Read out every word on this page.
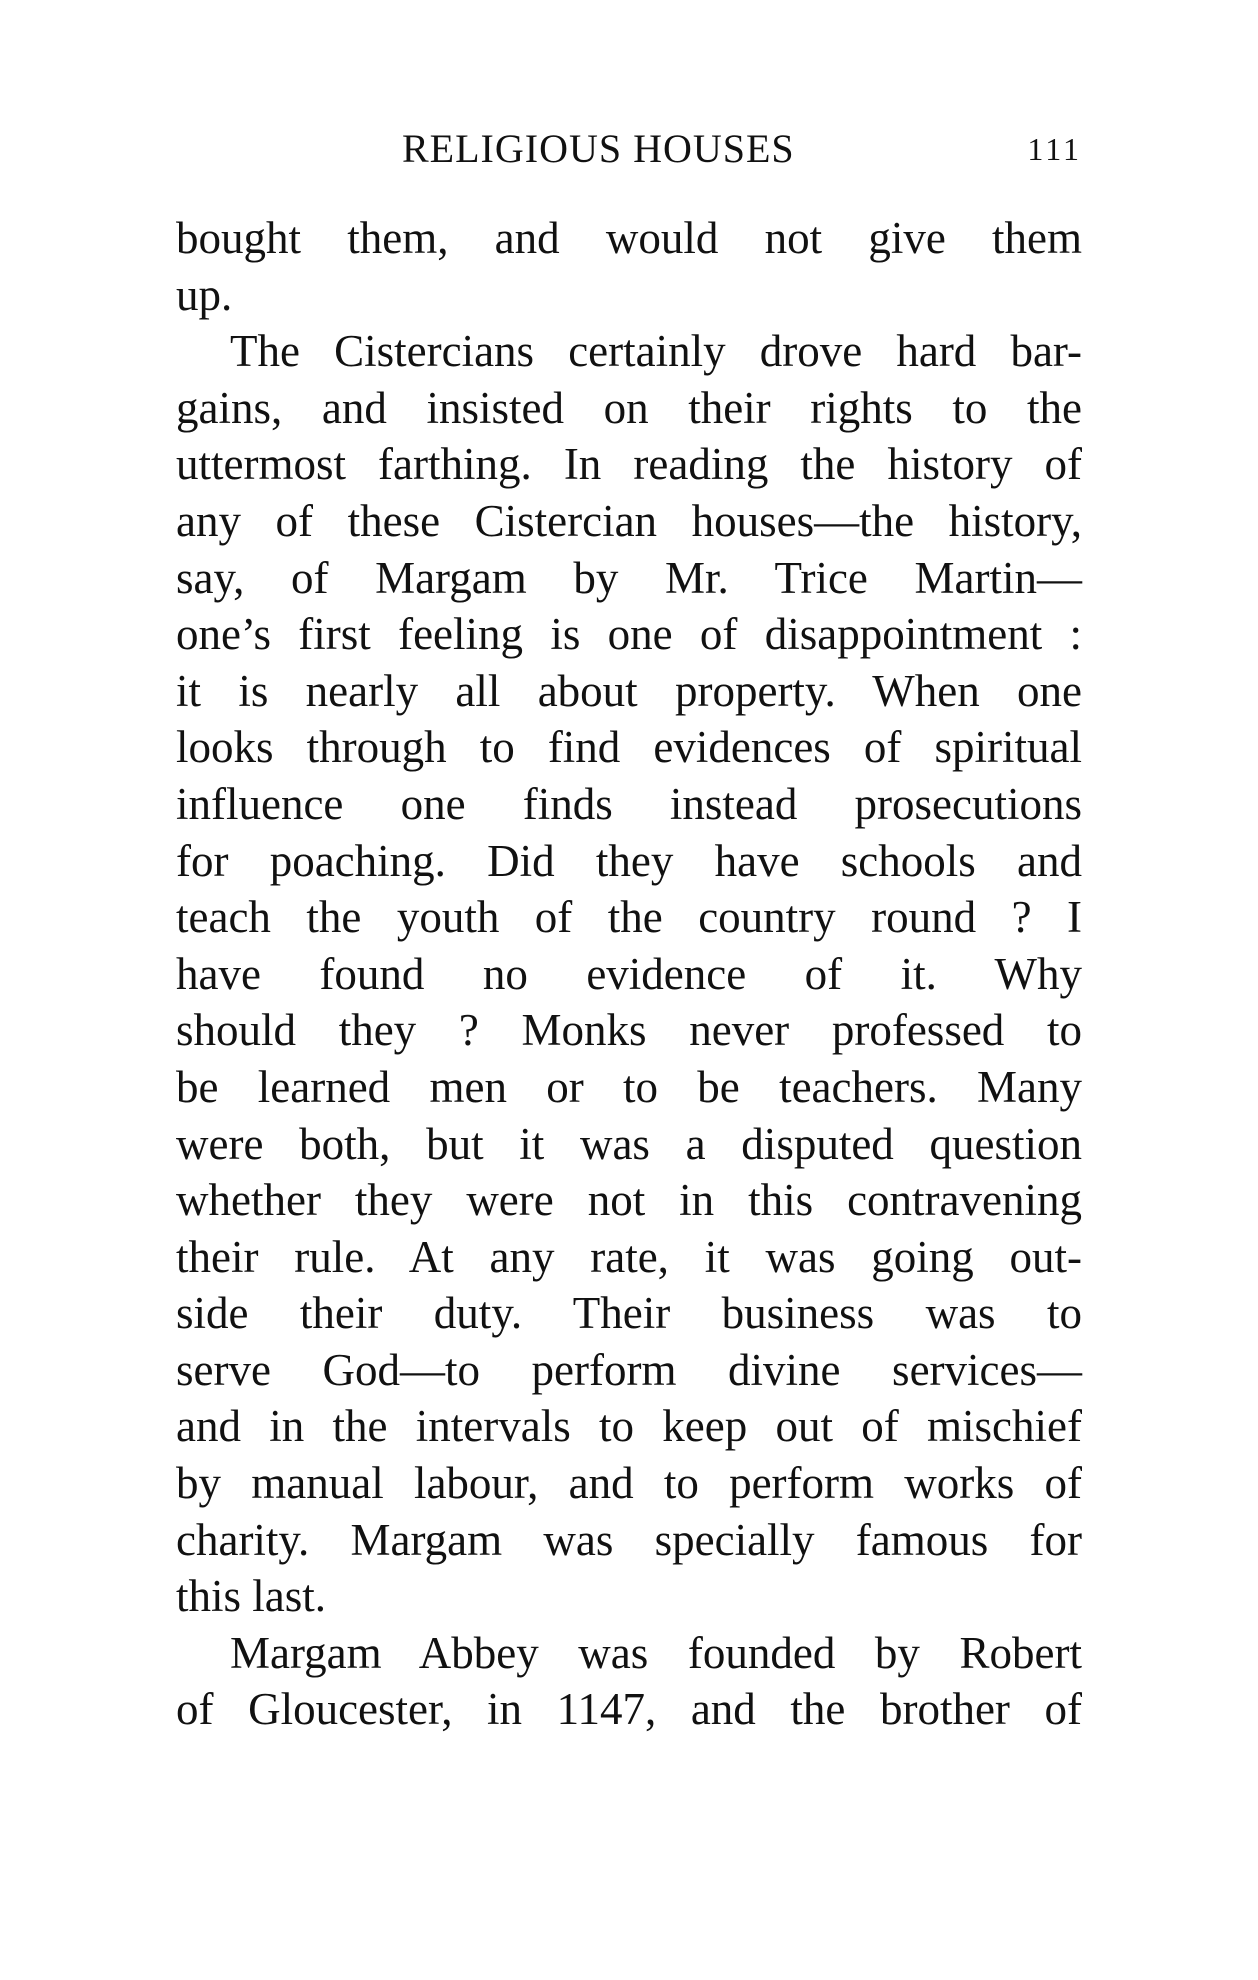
RELIGIOUS HOUSES	111
bought them, and would not give them
up.
The Cistercians certainly drove hard bar-
gains, and insisted on their rights to the
uttermost farthing. In reading the history of
any of these Cistercian houses—the history,
say, of Margam by Mr. Trice Martin—
one’s first feeling is one of disappointment :
it is nearly all about property. When one
looks through to find evidences of spiritual
influence one finds instead prosecutions
for poaching. Did they have schools and
teach the youth of the country round ? I
have found no evidence of it. Why
should they ? Monks never professed to
be learned men or to be teachers. Many
were both, but it was a disputed question
whether they were not in this contravening
their rule. At any rate, it was going out-
side their duty. Their business was to
serve God—to perform divine services—
and in the intervals to keep out of mischief
by manual labour, and to perform works of
charity. Margam was specially famous for
this last.
Margam Abbey was founded by Robert
of Gloucester, in 1147, and the brother of
